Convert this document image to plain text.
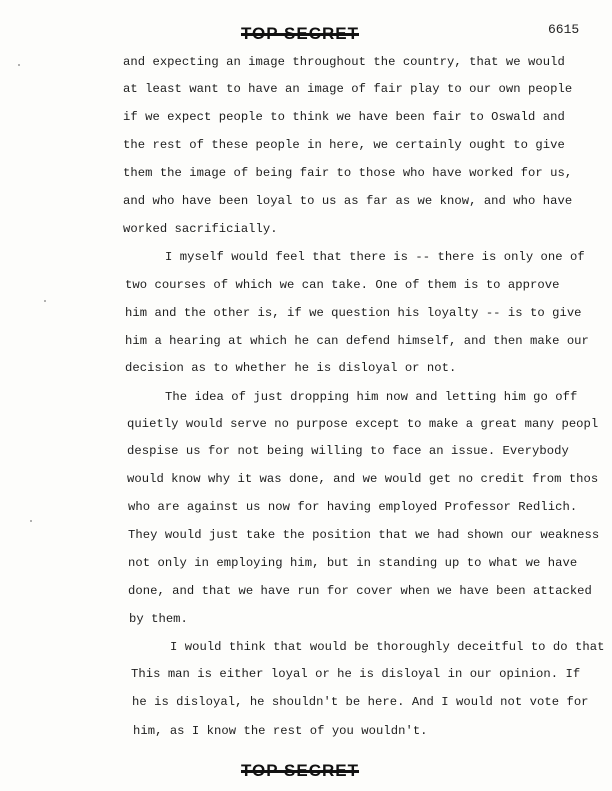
TOP SECRET	6615
and expecting an image throughout the country, that we would
at least want to have an image of fair play to our own people
if we expect people to think we have been fair to Oswald and
the rest of these people in here, we certainly ought to give
them the image of being fair to those who have worked for us,
and who have been loyal to us as far as we know, and who have
worked sacrificially.
I myself would feel that there is -- there is only one of
two courses of which we can take. One of them is to approve
him and the other is, if we question his loyalty -- is to give
him a hearing at which he can defend himself, and then make our
decision as to whether he is disloyal or not.
The idea of just dropping him now and letting him go off
quietly would serve no purpose except to make a great many peopl
despise us for not being willing to face an issue. Everybody
would know why it was done, and we would get no credit from thos
who are against us now for having employed Professor Redlich.
They would just take the position that we had shown our weakness
not only in employing him, but in standing up to what we have
done, and that we have run for cover when we have been attacked
by them.
I would think that would be thoroughly deceitful to do that
This man is either loyal or he is disloyal in our opinion. If
he is disloyal, he shouldn't be here. And I would not vote for
him, as I know the rest of you wouldn't.
TOP SECRET
